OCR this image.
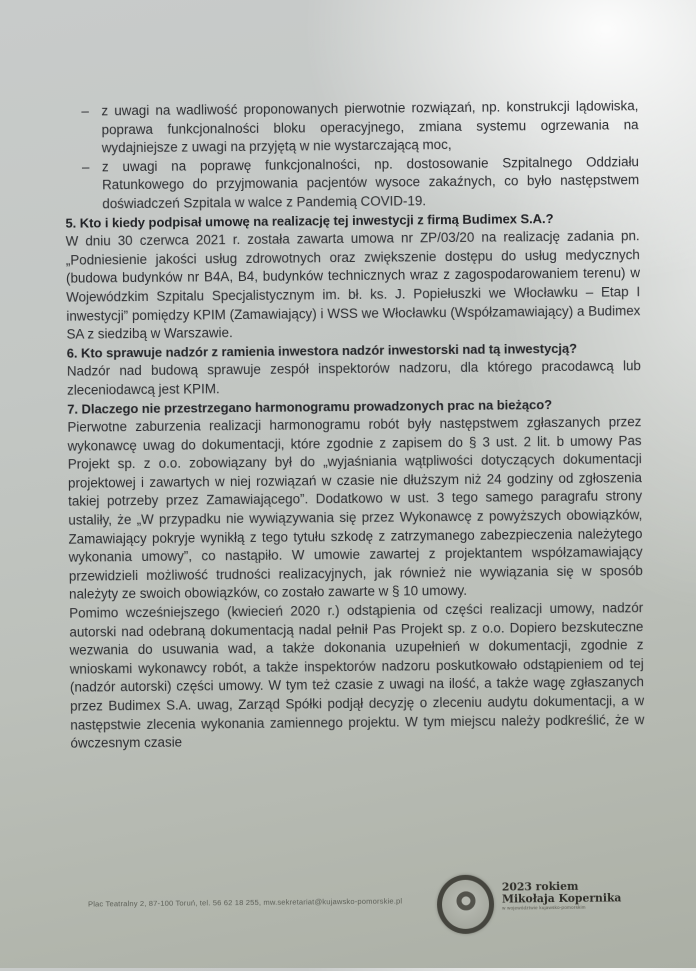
– z uwagi na wadliwość proponowanych pierwotnie rozwiązań, np. konstrukcji lądowiska, poprawa funkcjonalności bloku operacyjnego, zmiana systemu ogrzewania na wydajniejsze z uwagi na przyjętą w nie wystarczającą moc,
– z uwagi na poprawę funkcjonalności, np. dostosowanie Szpitalnego Oddziału Ratunkowego do przyjmowania pacjentów wysoce zakaźnych, co było następstwem doświadczeń Szpitala w walce z Pandemią COVID-19.
5. Kto i kiedy podpisał umowę na realizację tej inwestycji z firmą Budimex S.A.?

W dniu 30 czerwca 2021 r. została zawarta umowa nr ZP/03/20 na realizację zadania pn. „Podniesienie jakości usług zdrowotnych oraz zwiększenie dostępu do usług medycznych (budowa budynków nr B4A, B4, budynków technicznych wraz z zagospodarowaniem terenu) w Wojewódzkim Szpitalu Specjalistycznym im. bł. ks. J. Popiełuszki we Włocławku – Etap I inwestycji” pomiędzy KPIM (Zamawiający) i WSS we Włocławku (Współzamawiający) a Budimex SA z siedzibą w Warszawie.

6. Kto sprawuje nadzór z ramienia inwestora nadzór inwestorski nad tą inwestycją?

Nadzór nad budową sprawuje zespół inspektorów nadzoru, dla którego pracodawcą lub zleceniodawcą jest KPIM.

7. Dlaczego nie przestrzegano harmonogramu prowadzonych prac na bieżąco?

Pierwotne zaburzenia realizacji harmonogramu robót były następstwem zgłaszanych przez wykonawcę uwag do dokumentacji, które zgodnie z zapisem do § 3 ust. 2 lit. b umowy Pas Projekt sp. z o.o. zobowiązany był do „wyjaśniania wątpliwości dotyczących dokumentacji projektowej i zawartych w niej rozwiązań w czasie nie dłuższym niż 24 godziny od zgłoszenia takiej potrzeby przez Zamawiającego”. Dodatkowo w ust. 3 tego samego paragrafu strony ustaliły, że „W przypadku nie wywiązywania się przez Wykonawcę z powyższych obowiązków, Zamawiający pokryje wynikłą z tego tytułu szkodę z zatrzymanego zabezpieczenia należytego wykonania umowy”, co nastąpiło. W umowie zawartej z projektantem współzamawiający przewidzieli możliwość trudności realizacyjnych, jak również nie wywiązania się w sposób należyty ze swoich obowiązków, co zostało zawarte w § 10 umowy.

Pomimo wcześniejszego (kwiecień 2020 r.) odstąpienia od części realizacji umowy, nadzór autorski nad odebraną dokumentacją nadal pełnił Pas Projekt sp. z o.o. Dopiero bezskuteczne wezwania do usuwania wad, a także dokonania uzupełnień w dokumentacji, zgodnie z wnioskami wykonawcy robót, a także inspektorów nadzoru poskutkowało odstąpieniem od tej (nadzór autorski) części umowy. W tym też czasie z uwagi na ilość, a także wagę zgłaszanych przez Budimex S.A. uwag, Zarząd Spółki podjął decyzję o zleceniu audytu dokumentacji, a w następstwie zlecenia wykonania zamiennego projektu. W tym miejscu należy podkreślić, że w ówczesnym czasie

Plac Teatralny 2, 87-100 Toruń, tel. 56 62 18 255, mw.sekretariat@kujawsko-pomorskie.pl
2023 rokiem
Mikołaja Kopernika
w województwie kujawsko-pomorskim
